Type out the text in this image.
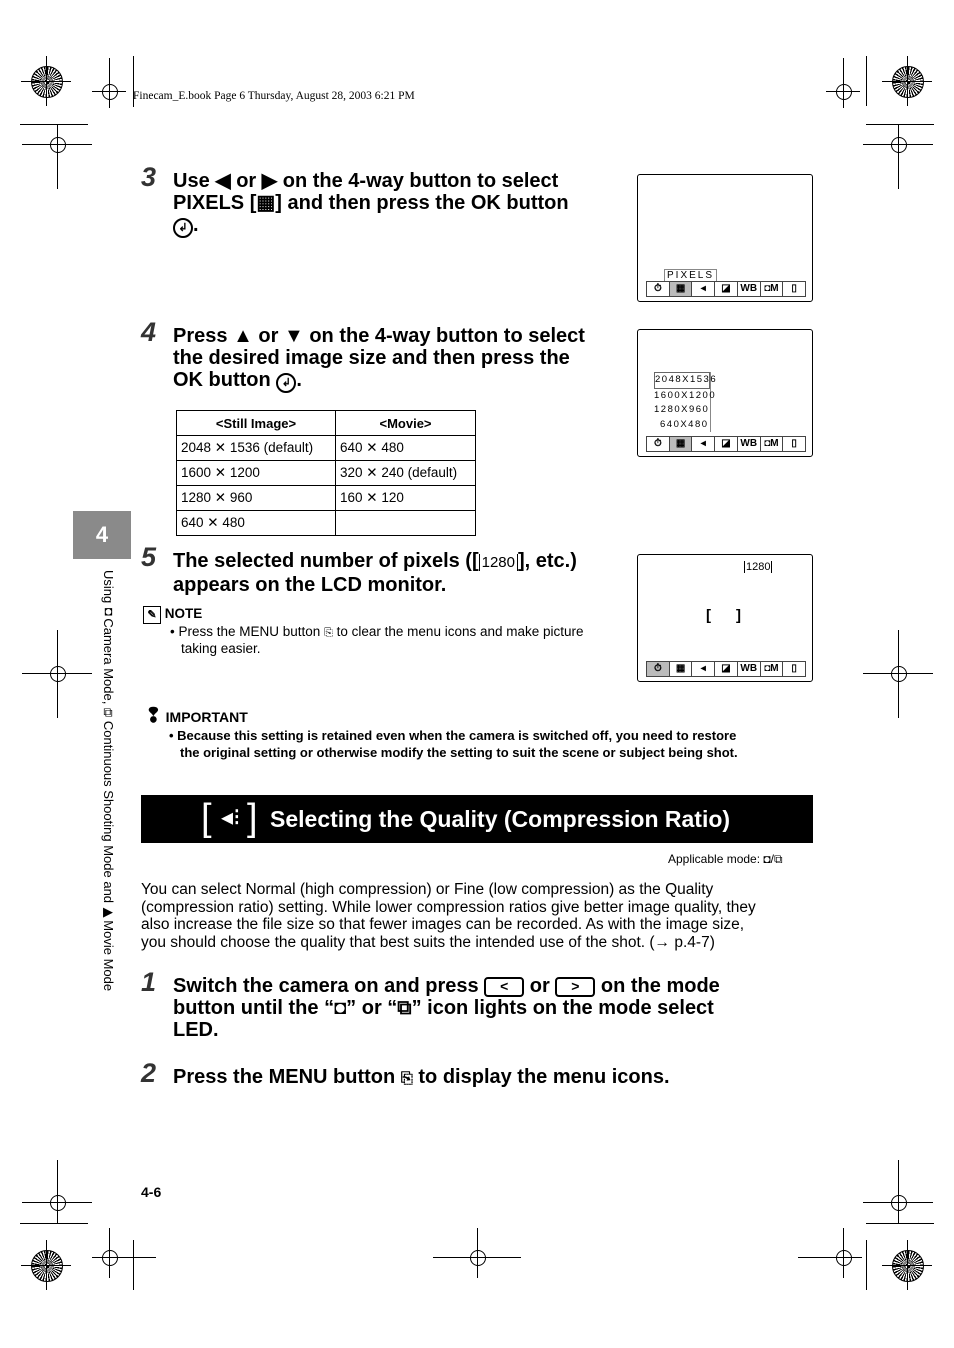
Finecam_E.book Page 6 Thursday, August 28, 2003 6:21 PM
4
Using ◘ Camera Mode, ⧉ Continuous Shooting Mode and ▶ Movie Mode
3 Use ◀ or ▶ on the 4-way button to select
PIXELS [▦] and then press the OK button
↲ .
PIXELS
⏱	▦	◂	◪ WB ◘M	▯
4 Press ▲ or ▼ on the 4-way button to select
the desired image size and then press the
OK button ↲ .	2048X1536
1600X1200
1280X960
640X480
⏱	▦	◂	◪ WB ◘M	▯
<Still Image>	<Movie>
2048 ✕ 1536 (default)	640 ✕ 480
1600 ✕ 1200	320 ✕ 240 (default)
1280 ✕ 960	160 ✕ 120
640 ✕ 480	
5 The selected number of pixels ([ 1280 ], etc.)
appears on the LCD monitor.
✎ NOTE
• Press the MENU button ⎘ to clear the menu icons and make picture
taking easier.
1280
[      ]
⏱	▦	◂	◪ WB ◘M	▯
❢ IMPORTANT
• Because this setting is retained even when the camera is switched off, you need to restore
the original setting or otherwise modify the setting to suit the scene or subject being shot.
[ ◂⁝ ] Selecting the Quality (Compression Ratio)
Applicable mode: ◘/⧉
You can select Normal (high compression) or Fine (low compression) as the Quality
(compression ratio) setting. While lower compression ratios give better image quality, they
also increase the file size so that fewer images can be recorded. As with the image size,
you should choose the quality that best suits the intended use of the shot. (→ p.4-7)
1 Switch the camera on and press < or > on the mode
button until the “◘” or “⧉” icon lights on the mode select
LED.
2 Press the MENU button ⎘ to display the menu icons.
4-6
